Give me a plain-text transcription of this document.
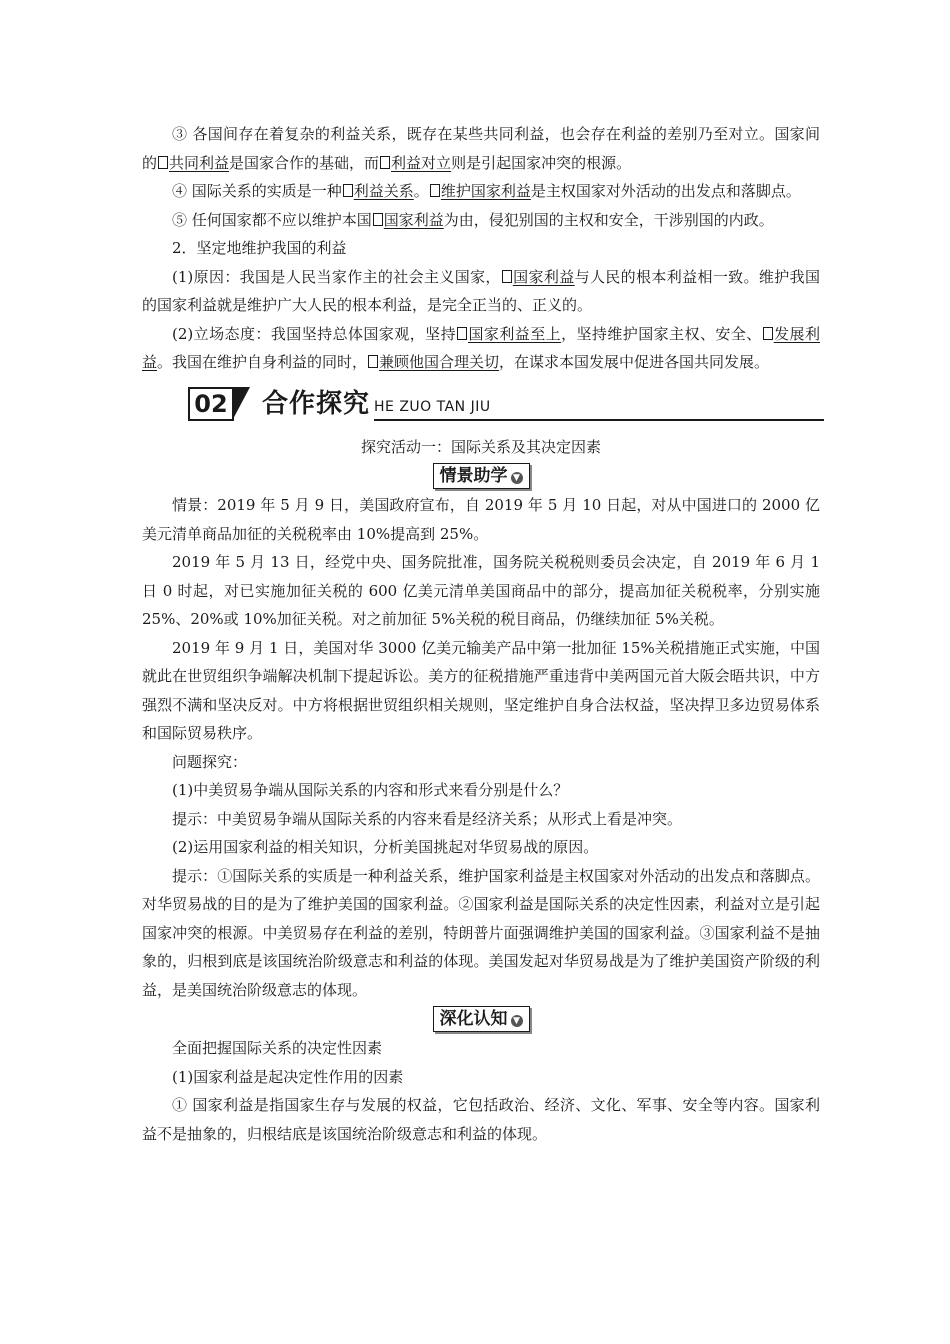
③ 各国间存在着复杂的利益关系，既存在某些共同利益，也会存在利益的差别乃至对立。国家间的 共同利益是国家合作的基础，而 利益对立则是引起国家冲突的根源。

④ 国际关系的实质是一种 利益关系。 维护国家利益是主权国家对外活动的出发点和落脚点。

⑤ 任何国家都不应以维护本国 国家利益为由，侵犯别国的主权和安全，干涉别国的内政。

2．坚定地维护我国的利益

(1)原因：我国是人民当家作主的社会主义国家， 国家利益与人民的根本利益相一致。维护我国的国家利益就是维护广大人民的根本利益，是完全正当的、正义的。

(2)立场态度：我国坚持总体国家观，坚持 国家利益至上，坚持维护国家主权、安全、 发展利益。我国在维护自身利益的同时， 兼顾他国合理关切，在谋求本国发展中促进各国共同发展。

02 合作探究 HE ZUO TAN JIU

探究活动一：国际关系及其决定因素

情景助学 ▼

情景：2019 年 5 月 9 日，美国政府宣布，自 2019 年 5 月 10 日起，对从中国进口的 2000 亿美元清单商品加征的关税税率由 10%提高到 25%。

2019 年 5 月 13 日，经党中央、国务院批准，国务院关税税则委员会决定，自 2019 年 6 月 1 日 0 时起，对已实施加征关税的 600 亿美元清单美国商品中的部分，提高加征关税税率，分别实施 25%、20%或 10%加征关税。对之前加征 5%关税的税目商品，仍继续加征 5%关税。

2019 年 9 月 1 日，美国对华 3000 亿美元输美产品中第一批加征 15%关税措施正式实施，中国就此在世贸组织争端解决机制下提起诉讼。美方的征税措施严重违背中美两国元首大阪会晤共识，中方强烈不满和坚决反对。中方将根据世贸组织相关规则，坚定维护自身合法权益，坚决捍卫多边贸易体系和国际贸易秩序。

问题探究：

(1)中美贸易争端从国际关系的内容和形式来看分别是什么？

提示：中美贸易争端从国际关系的内容来看是经济关系；从形式上看是冲突。

(2)运用国家利益的相关知识，分析美国挑起对华贸易战的原因。

提示：①国际关系的实质是一种利益关系，维护国家利益是主权国家对外活动的出发点和落脚点。对华贸易战的目的是为了维护美国的国家利益。②国家利益是国际关系的决定性因素，利益对立是引起国家冲突的根源。中美贸易存在利益的差别，特朗普片面强调维护美国的国家利益。③国家利益不是抽象的，归根到底是该国统治阶级意志和利益的体现。美国发起对华贸易战是为了维护美国资产阶级的利益，是美国统治阶级意志的体现。

深化认知 ▼

全面把握国际关系的决定性因素

(1)国家利益是起决定性作用的因素

① 国家利益是指国家生存与发展的权益，它包括政治、经济、文化、军事、安全等内容。国家利益不是抽象的，归根结底是该国统治阶级意志和利益的体现。
